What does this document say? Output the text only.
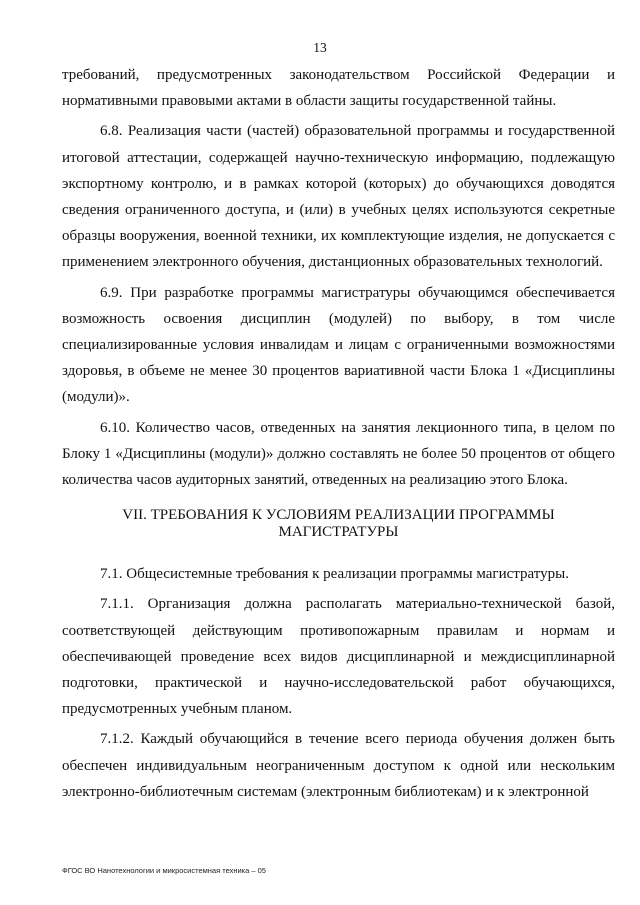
13

требований, предусмотренных законодательством Российской Федерации и нормативными правовыми актами в области защиты государственной тайны.

6.8. Реализация части (частей) образовательной программы и государственной итоговой аттестации, содержащей научно-техническую информацию, подлежащую экспортному контролю, и в рамках которой (которых) до обучающихся доводятся сведения ограниченного доступа, и (или) в учебных целях используются секретные образцы вооружения, военной техники, их комплектующие изделия, не допускается с применением электронного обучения, дистанционных образовательных технологий.

6.9. При разработке программы магистратуры обучающимся обеспечивается возможность освоения дисциплин (модулей) по выбору, в том числе специализированные условия инвалидам и лицам с ограниченными возможностями здоровья, в объеме не менее 30 процентов вариативной части Блока 1 «Дисциплины (модули)».

6.10. Количество часов, отведенных на занятия лекционного типа, в целом по Блоку 1 «Дисциплины (модули)» должно составлять не более 50 процентов от общего количества часов аудиторных занятий, отведенных на реализацию этого Блока.

VII. ТРЕБОВАНИЯ К УСЛОВИЯМ РЕАЛИЗАЦИИ ПРОГРАММЫ
МАГИСТРАТУРЫ

7.1. Общесистемные требования к реализации программы магистратуры.

7.1.1. Организация должна располагать материально-технической базой, соответствующей действующим противопожарным правилам и нормам и обеспечивающей проведение всех видов дисциплинарной и междисциплинарной подготовки, практической и научно-исследовательской работ обучающихся, предусмотренных учебным планом.

7.1.2. Каждый обучающийся в течение всего периода обучения должен быть обеспечен индивидуальным неограниченным доступом к одной или нескольким электронно-библиотечным системам (электронным библиотекам) и к электронной

ФГОС ВО Нанотехнологии и микросистемная техника – 05
